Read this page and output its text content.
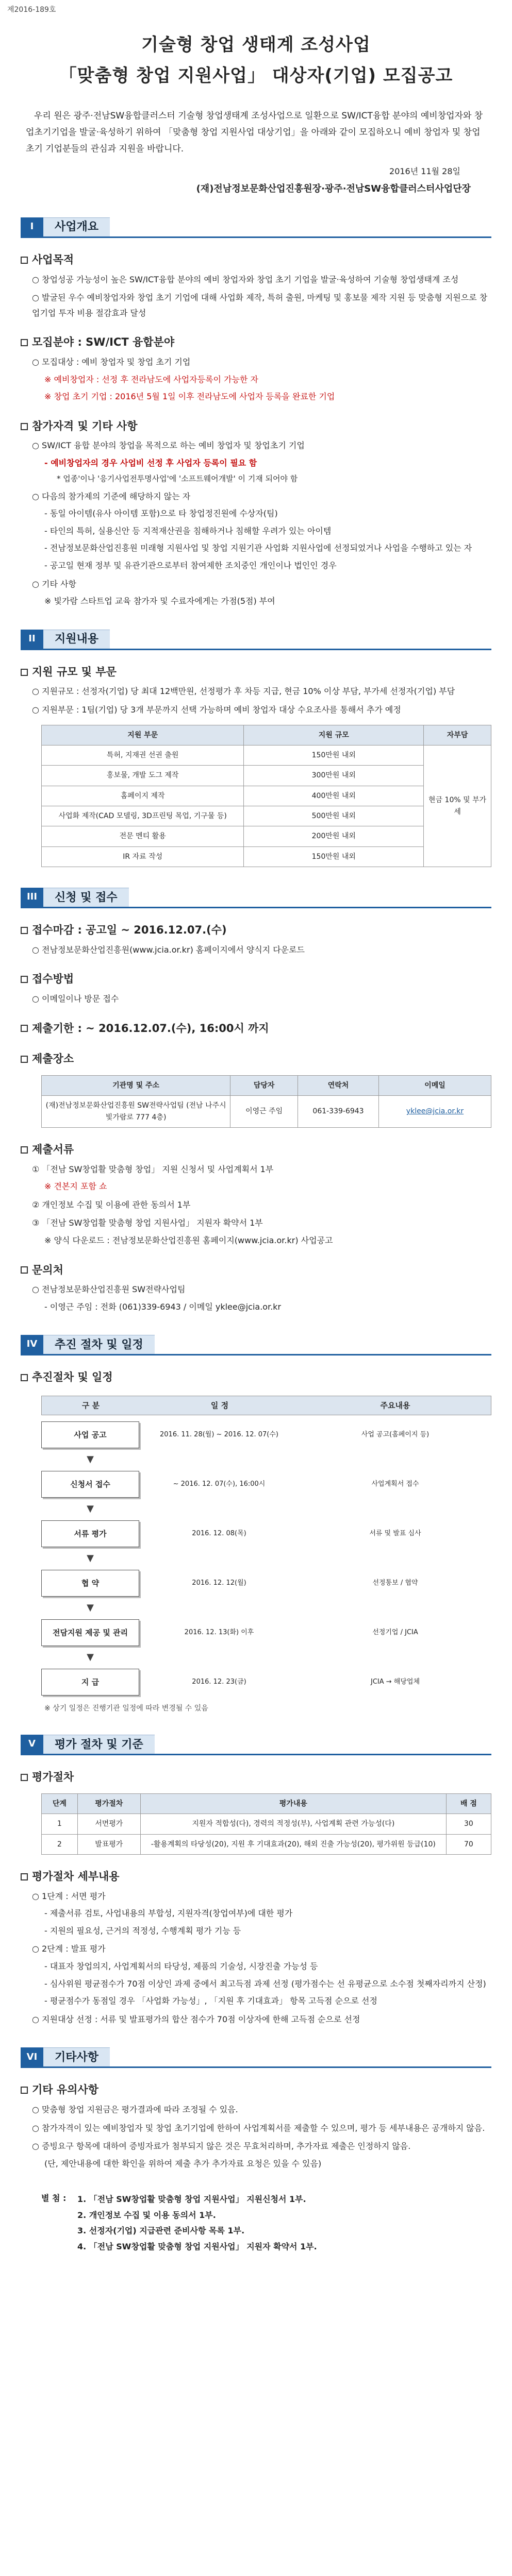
제2016-189호
기술형 창업 생태계 조성사업
「맞춤형 창업 지원사업」 대상자(기업) 모집공고

우리 원은 광주·전남SW융합클러스터 기술형 창업생태계 조성사업으로 일환으로 SW/ICT융합 분야의 예비창업자와 창업초기기업을 발굴·육성하기 위하여 「맞춤형 창업 지원사업 대상기업」을 아래와 같이 모집하오니 예비 창업자 및 창업 초기 기업분들의 관심과 지원을 바랍니다.

2016년 11월 28일
(재)전남정보문화산업진흥원장·광주·전남SW융합클러스터사업단장
I	사업개요
사업목적

○ 창업성공 가능성이 높은 SW/ICT융합 분야의 예비 창업자와 창업 초기 기업을 발굴·육성하여 기술형 창업생태계 조성

○ 발굴된 우수 예비창업자와 창업 초기 기업에 대해 사업화 제작, 특허 출원, 마케팅 및 홍보물 제작 지원 등 맞춤형 지원으로 창업기업 투자 비용 절감효과 달성

모집분야 : SW/ICT 융합분야

○ 모집대상 : 예비 창업자 및 창업 초기 기업

※ 예비창업자 : 선정 후 전라남도에 사업자등록이 가능한 자

※ 창업 초기 기업 : 2016년 5월 1일 이후 전라남도에 사업자 등록을 완료한 기업

참가자격 및 기타 사항

○ SW/ICT 융합 분야의 창업을 목적으로 하는 예비 창업자 및 창업초기 기업

- 예비창업자의 경우 사업비 선정 후 사업자 등록이 필요 함

* 업종'이나 '응기사업전투명사업'에 '소프트웨어개발' 이 기재 되어야 함

○ 다음의 참가제의 기준에 해당하지 않는 자

- 동일 아이템(유사 아이템 포함)으로 타 창업정진원에 수상자(팀)

- 타인의 특허, 실용신안 등 지적재산권을 침해하거나 침해할 우려가 있는 아이템

- 전남정보문화산업진흥원 미래형 지원사업 및 창업 지원기관 사업화 지원사업에 선정되었거나 사업을 수행하고 있는 자

- 공고일 현재 정부 및 유관기관으로부터 참여제한 조치중인 개인이나 법인인 경우

○ 기타 사항

※ 빛가람 스타트업 교육 참가자 및 수료자에게는 가점(5점) 부여

II	지원내용
지원 규모 및 부문

○ 지원규모 : 선정자(기업) 당 최대 12백만원, 선정평가 후 차등 지급, 현금 10% 이상 부담, 부가세 선정자(기업) 부담

○ 지원부문 : 1팀(기업) 당 3개 부문까지 선택 가능하며 예비 창업자 대상 수요조사를 통해서 추가 예정

지원 부문	지원 규모	자부담
특허, 지재권 선권 출원	150만원 내외	현금 10% 및 부가세
홍보물, 개발 도그 제작	300만원 내외	
홈페이지 제작	400만원 내외	
사업화 제작(CAD 모델링, 3D프린팅 목업, 기구물 등)	500만원 내외	
전문 멘티 활용	200만원 내외	
IR 자료 작성	150만원 내외	
III	신청 및 접수
접수마감 : 공고일 ~ 2016.12.07.(수)

○ 전남정보문화산업진흥원(www.jcia.or.kr) 홈페이지에서 양식지 다운로드

접수방법

○ 이메일이나 방문 접수

제출기한 : ~ 2016.12.07.(수), 16:00시 까지
제출장소
기관명 및 주소	담당자	연락처	이메일
(재)전남정보문화산업진흥원 SW전략사업팀 (전남 나주시 빛가람로 777 4층)	이영근 주임	061-339-6943	yklee@jcia.or.kr
제출서류

① 「전남 SW창업활 맞춤형 창업」 지원 신청서 및 사업계획서 1부

※ 견본지 포함 쇼

② 개인정보 수집 및 이용에 관한 동의서 1부

③ 「전남 SW창업활 맞춤형 창업 지원사업」 지원자 확약서 1부

※ 양식 다운로드 : 전남정보문화산업진흥원 홈페이지(www.jcia.or.kr) 사업공고

문의처

○ 전남정보문화산업진흥원 SW전략사업팀

- 이영근 주임 : 전화 (061)339-6943 / 이메일 yklee@jcia.or.kr

IV	추진 절차 및 일정
추진절차 및 일정
구 분	일 정	주요내용
사업 공고	2016. 11. 28(월) ~ 2016. 12. 07(수)	사업 공고(홈페이지 등)
▼
신청서 접수	~ 2016. 12. 07(수), 16:00시	사업계획서 접수
▼
서류 평가	2016. 12. 08(목)	서류 및 발표 심사
▼
협 약	2016. 12. 12(월)	선정통보 / 협약
▼
전담지원 제공 및 관리	2016. 12. 13(화) 이후	선정기업 / JCIA
▼
지 급	2016. 12. 23(금)	JCIA → 해당업체

※ 상기 일정은 진행기관 일정에 따라 변경될 수 있음

V	평가 절차 및 기준
평가절차
단계	평가절차	평가내용	배 점
1	서면평가	지원자 적합성(다), 경력의 적정성(부), 사업계획 관련 가능성(다)	30
2	발표평가	-활용계획의 타당성(20), 지원 후 기대효과(20), 해외 진출 가능성(20), 평가위원 등급(10)	70
평가절차 세부내용

○ 1단계 : 서면 평가

- 제출서류 검토, 사업내용의 부합성, 지원자격(창업여부)에 대한 평가

- 지원의 필요성, 근거의 적정성, 수행계획 평가 기능 등

○ 2단계 : 발표 평가

- 대표자 창업의지, 사업계획서의 타당성, 제품의 기술성, 시장진출 가능성 등

- 심사위원 평균점수가 70점 이상인 과제 중에서 최고득점 과제 선정 (평가점수는 선 유평균으로 소수점 첫째자리까지 산정)

- 평균점수가 동점일 경우 「사업화 가능성」, 「지원 후 기대효과」 항목 고득점 순으로 선정

○ 지원대상 선정 : 서류 및 발표평가의 합산 점수가 70점 이상자에 한해 고득점 순으로 선정

VI	기타사항
기타 유의사항

○ 맞춤형 창업 지원금은 평가결과에 따라 조정될 수 있음.

○ 참가자격이 있는 예비창업자 및 창업 초기기업에 한하여 사업계획서를 제출할 수 있으며, 평가 등 세부내용은 공개하지 않음.

○ 증빙요구 항목에 대하여 증빙자료가 첨부되지 않은 것은 무효처리하며, 추가자료 제출은 인정하지 않음.

(단, 제안내용에 대한 확인을 위하여 제출 추가 추가자료 요청은 있을 수 있음)

별 첨 :	1. 「전남 SW창업활 맞춤형 창업 지원사업」 지원신청서 1부.
2. 개인정보 수집 및 이용 동의서 1부.
3. 선정자(기업) 지급관련 준비사항 목록 1부.
4. 「전남 SW창업활 맞춤형 창업 지원사업」 지원자 확약서 1부.
